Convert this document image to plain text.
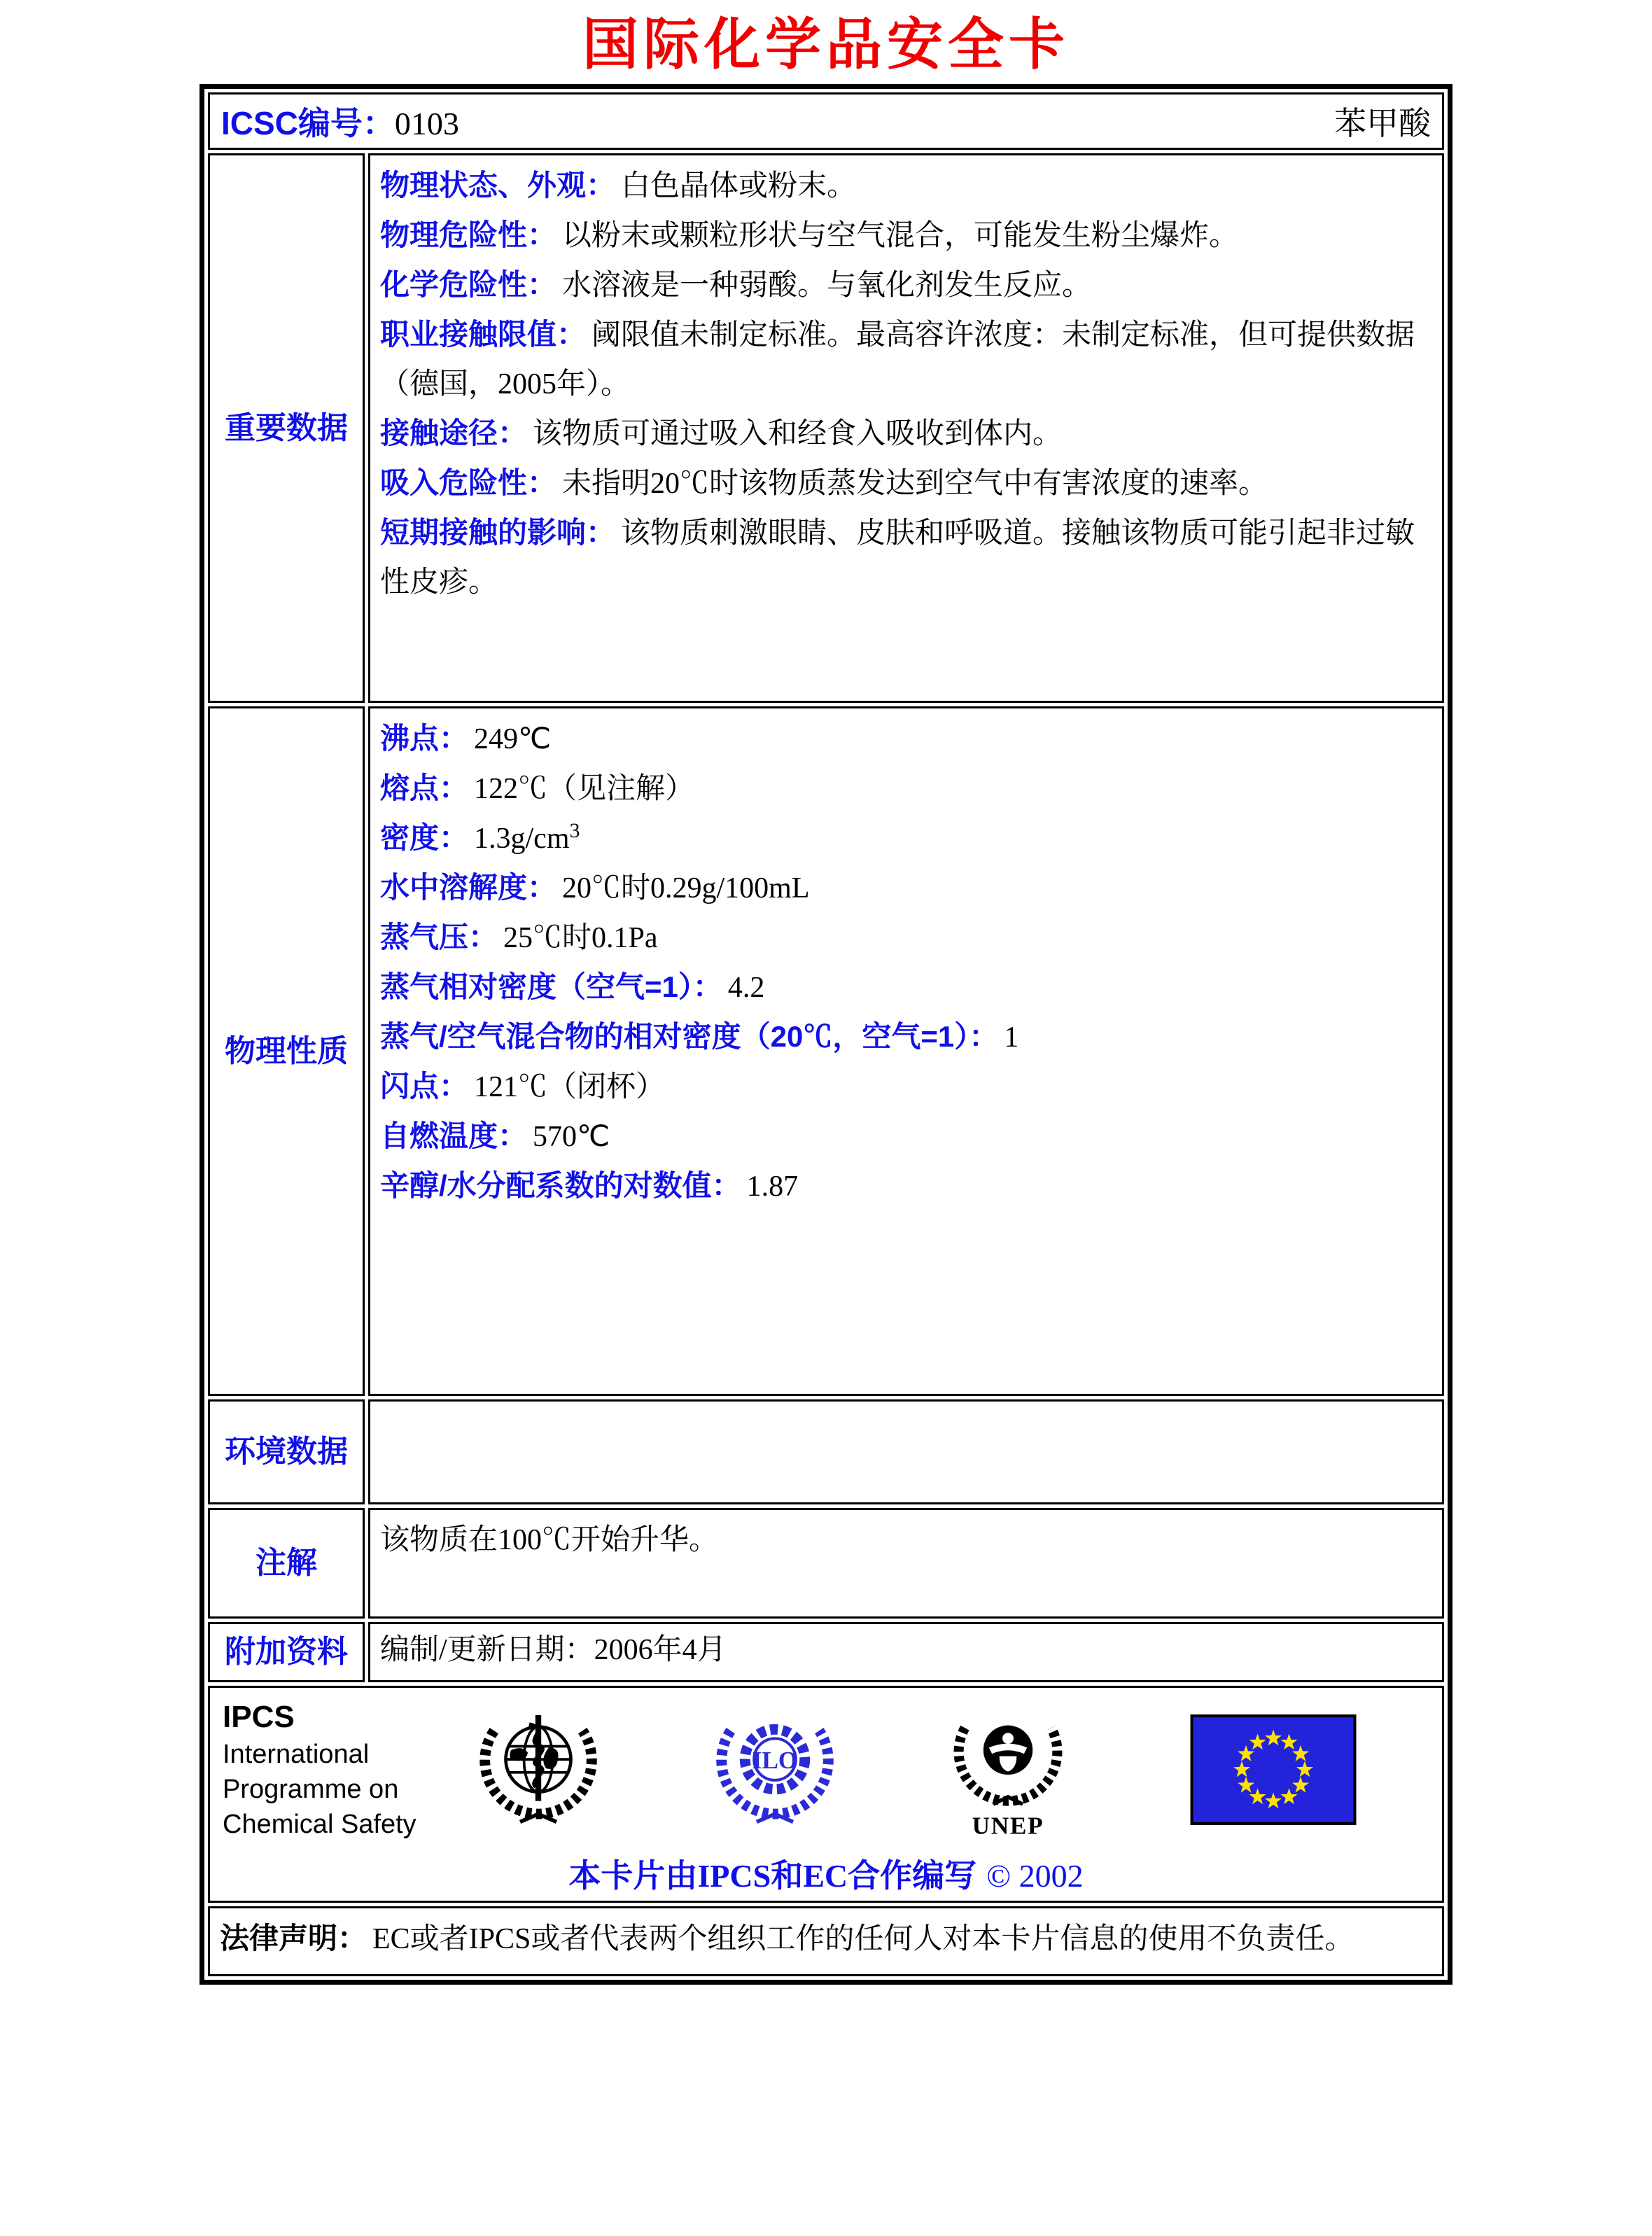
国际化学品安全卡
ICSC编号：0103 苯甲酸	

重要数据	
物理状态、外观： 白色晶体或粉末。
物理危险性： 以粉末或颗粒形状与空气混合，可能发生粉尘爆炸。
化学危险性： 水溶液是一种弱酸。与氧化剂发生反应。
职业接触限值： 阈限值未制定标准。最高容许浓度：未制定标准，但可提供数据（德国，2005年）。
接触途径： 该物质可通过吸入和经食入吸收到体内。
吸入危险性： 未指明20℃时该物质蒸发达到空气中有害浓度的速率。
短期接触的影响： 该物质刺激眼睛、皮肤和呼吸道。接触该物质可能引起非过敏性皮疹。

物理性质	
沸点： 249℃
熔点： 122℃（见注解）
密度： $1.3g/cm^3$
水中溶解度： 20℃时0.29g/100mL
蒸气压： 25℃时0.1Pa
蒸气相对密度（空气=1）： 4.2
蒸气/空气混合物的相对密度（20℃，空气=1）： 1
闪点： 121℃（闭杯）
自燃温度： 570℃
辛醇/水分配系数的对数值： 1.87

环境数据	
注解	该物质在100℃开始升华。

附加资料	编制/更新日期：2006年4月

IPCS
International
Programme on
Chemical Safety
ILO
UNEP
本卡片由IPCS和EC合作编写 © 2002

法律声明： EC或者IPCS或者代表两个组织工作的任何人对本卡片信息的使用不负责任。	
